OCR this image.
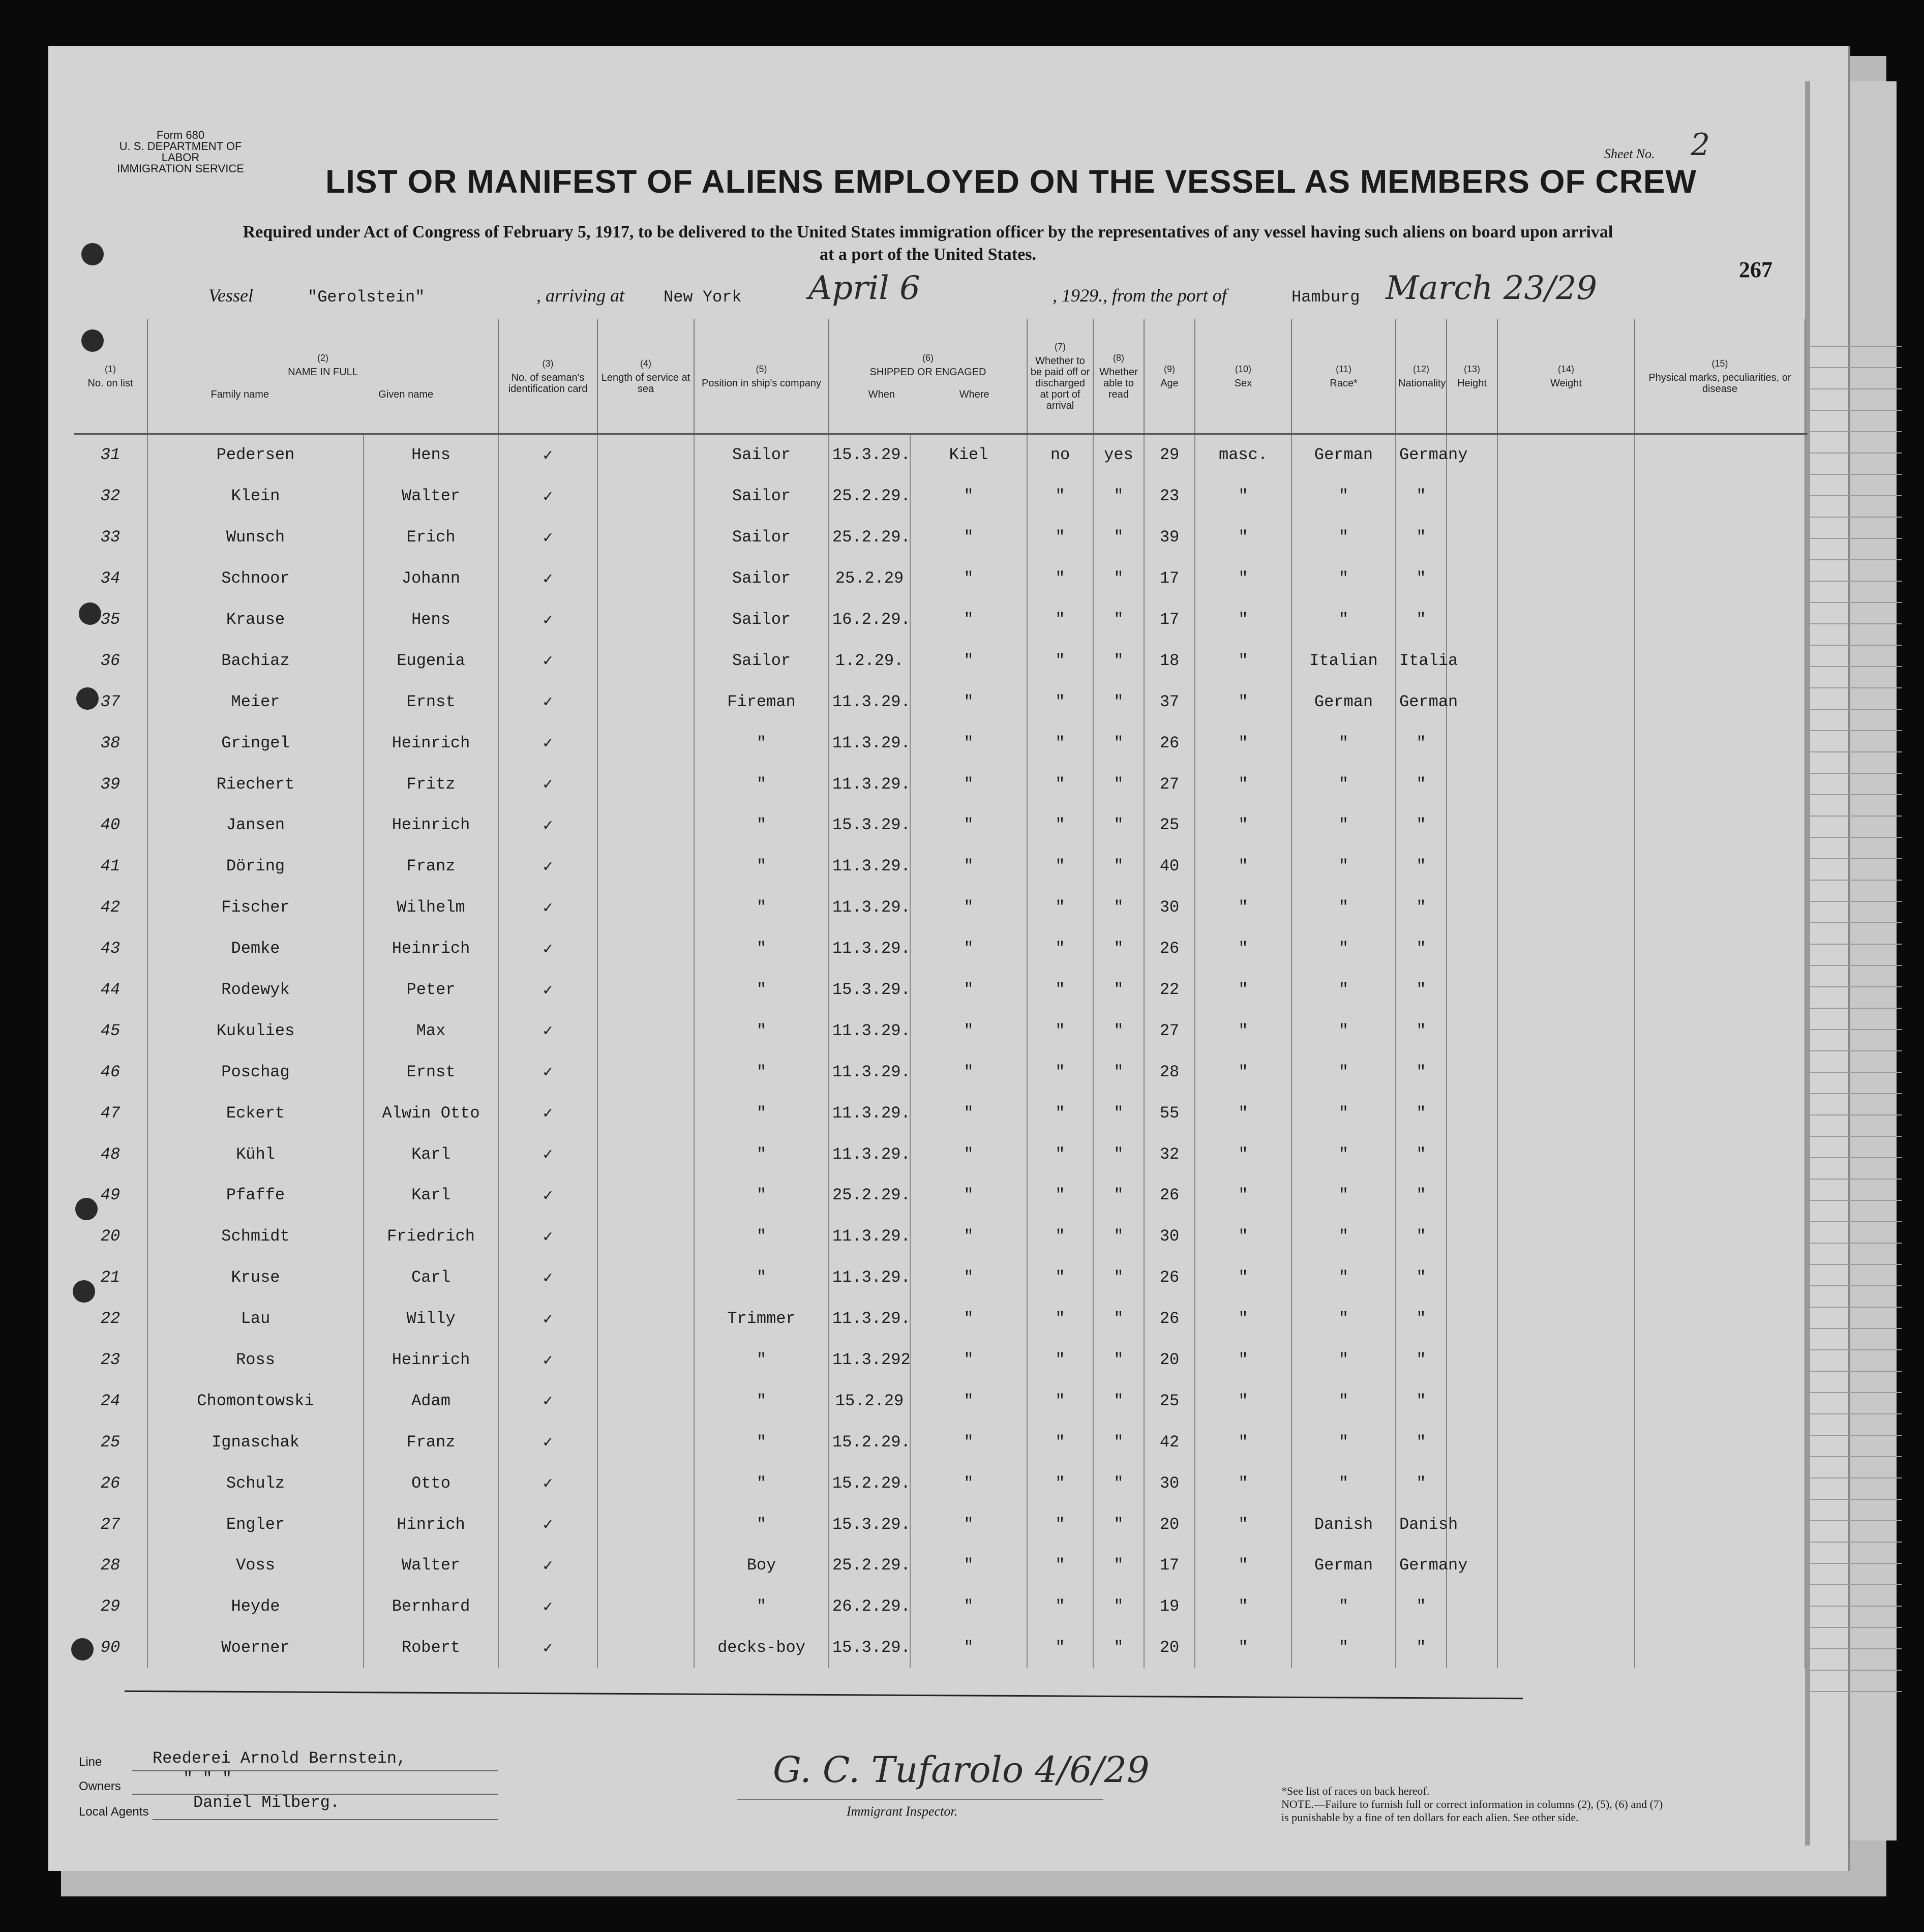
Form 680
U. S. DEPARTMENT OF LABOR
IMMIGRATION SERVICE
Sheet No. 2
LIST OR MANIFEST OF ALIENS EMPLOYED ON THE VESSEL AS MEMBERS OF CREW
Required under Act of Congress of February 5, 1917, to be delivered to the United States immigration officer by the representatives of any vessel having such aliens on board upon arrival
at a port of the United States.
267
Vessel	"Gerolstein"	, arriving at New York April 6	, 1929., from the port of	Hamburg March 23/29
(1)
No. on list	(2)
NAME IN FULL

Family name Given name		(3)
No. of seaman's identification card	(4)
Length of service at sea	(5)
Position in ship's company	(6)
SHIPPED OR ENGAGED

When Where		(7)
Whether to be paid off or discharged at port of arrival	(8)
Whether able to read	(9)
Age	(10)
Sex	(11)
Race*	(12)
Nationality	(13)
Height	(14)
Weight	(15)
Physical marks, peculiarities, or disease	
31	Pedersen	Hens	✓		Sailor	15.3.29.	Kiel	no	yes	29	masc.	German	Germany				
32	Klein	Walter	✓		Sailor	25.2.29.	"	"	"	23	"	"	"				
33	Wunsch	Erich	✓		Sailor	25.2.29.	"	"	"	39	"	"	"				
34	Schnoor	Johann	✓		Sailor	25.2.29	"	"	"	17	"	"	"				
35	Krause	Hens	✓		Sailor	16.2.29.	"	"	"	17	"	"	"				
36	Bachiaz	Eugenia	✓		Sailor	1.2.29.	"	"	"	18	"	Italian	Italia				
37	Meier	Ernst	✓		Fireman	11.3.29.	"	"	"	37	"	German	German				
38	Gringel	Heinrich	✓		"	11.3.29.	"	"	"	26	"	"	"				
39	Riechert	Fritz	✓		"	11.3.29.	"	"	"	27	"	"	"				
40	Jansen	Heinrich	✓		"	15.3.29.	"	"	"	25	"	"	"				
41	Döring	Franz	✓		"	11.3.29.	"	"	"	40	"	"	"				
42	Fischer	Wilhelm	✓		"	11.3.29.	"	"	"	30	"	"	"				
43	Demke	Heinrich	✓		"	11.3.29.	"	"	"	26	"	"	"				
44	Rodewyk	Peter	✓		"	15.3.29.	"	"	"	22	"	"	"				
45	Kukulies	Max	✓		"	11.3.29.	"	"	"	27	"	"	"				
46	Poschag	Ernst	✓		"	11.3.29.	"	"	"	28	"	"	"				
47	Eckert	Alwin Otto	✓		"	11.3.29.	"	"	"	55	"	"	"				
48	Kühl	Karl	✓		"	11.3.29.	"	"	"	32	"	"	"				
49	Pfaffe	Karl	✓		"	25.2.29.	"	"	"	26	"	"	"				
20	Schmidt	Friedrich	✓		"	11.3.29.	"	"	"	30	"	"	"				
21	Kruse	Carl	✓		"	11.3.29.	"	"	"	26	"	"	"				
22	Lau	Willy	✓		Trimmer	11.3.29.	"	"	"	26	"	"	"				
23	Ross	Heinrich	✓		"	11.3.292	"	"	"	20	"	"	"				
24	Chomontowski	Adam	✓		"	15.2.29	"	"	"	25	"	"	"				
25	Ignaschak	Franz	✓		"	15.2.29.	"	"	"	42	"	"	"				
26	Schulz	Otto	✓		"	15.2.29.	"	"	"	30	"	"	"				
27	Engler	Hinrich	✓		"	15.3.29.	"	"	"	20	"	Danish	Danish				
28	Voss	Walter	✓		Boy	25.2.29.	"	"	"	17	"	German	Germany				
29	Heyde	Bernhard	✓		"	26.2.29.	"	"	"	19	"	"	"				
90	Woerner	Robert	✓		decks-boy	15.3.29.	"	"	"	20	"	"	"				
Line	Reederei Arnold Bernstein,
Owners	" " "
Local Agents	Daniel Milberg.
G. C. Tufarolo 4/6/29
Immigrant Inspector.
*See list of races on back hereof.
NOTE.—Failure to furnish full or correct information in columns (2), (5), (6) and (7) is punishable by a fine of ten dollars for each alien. See other side.
